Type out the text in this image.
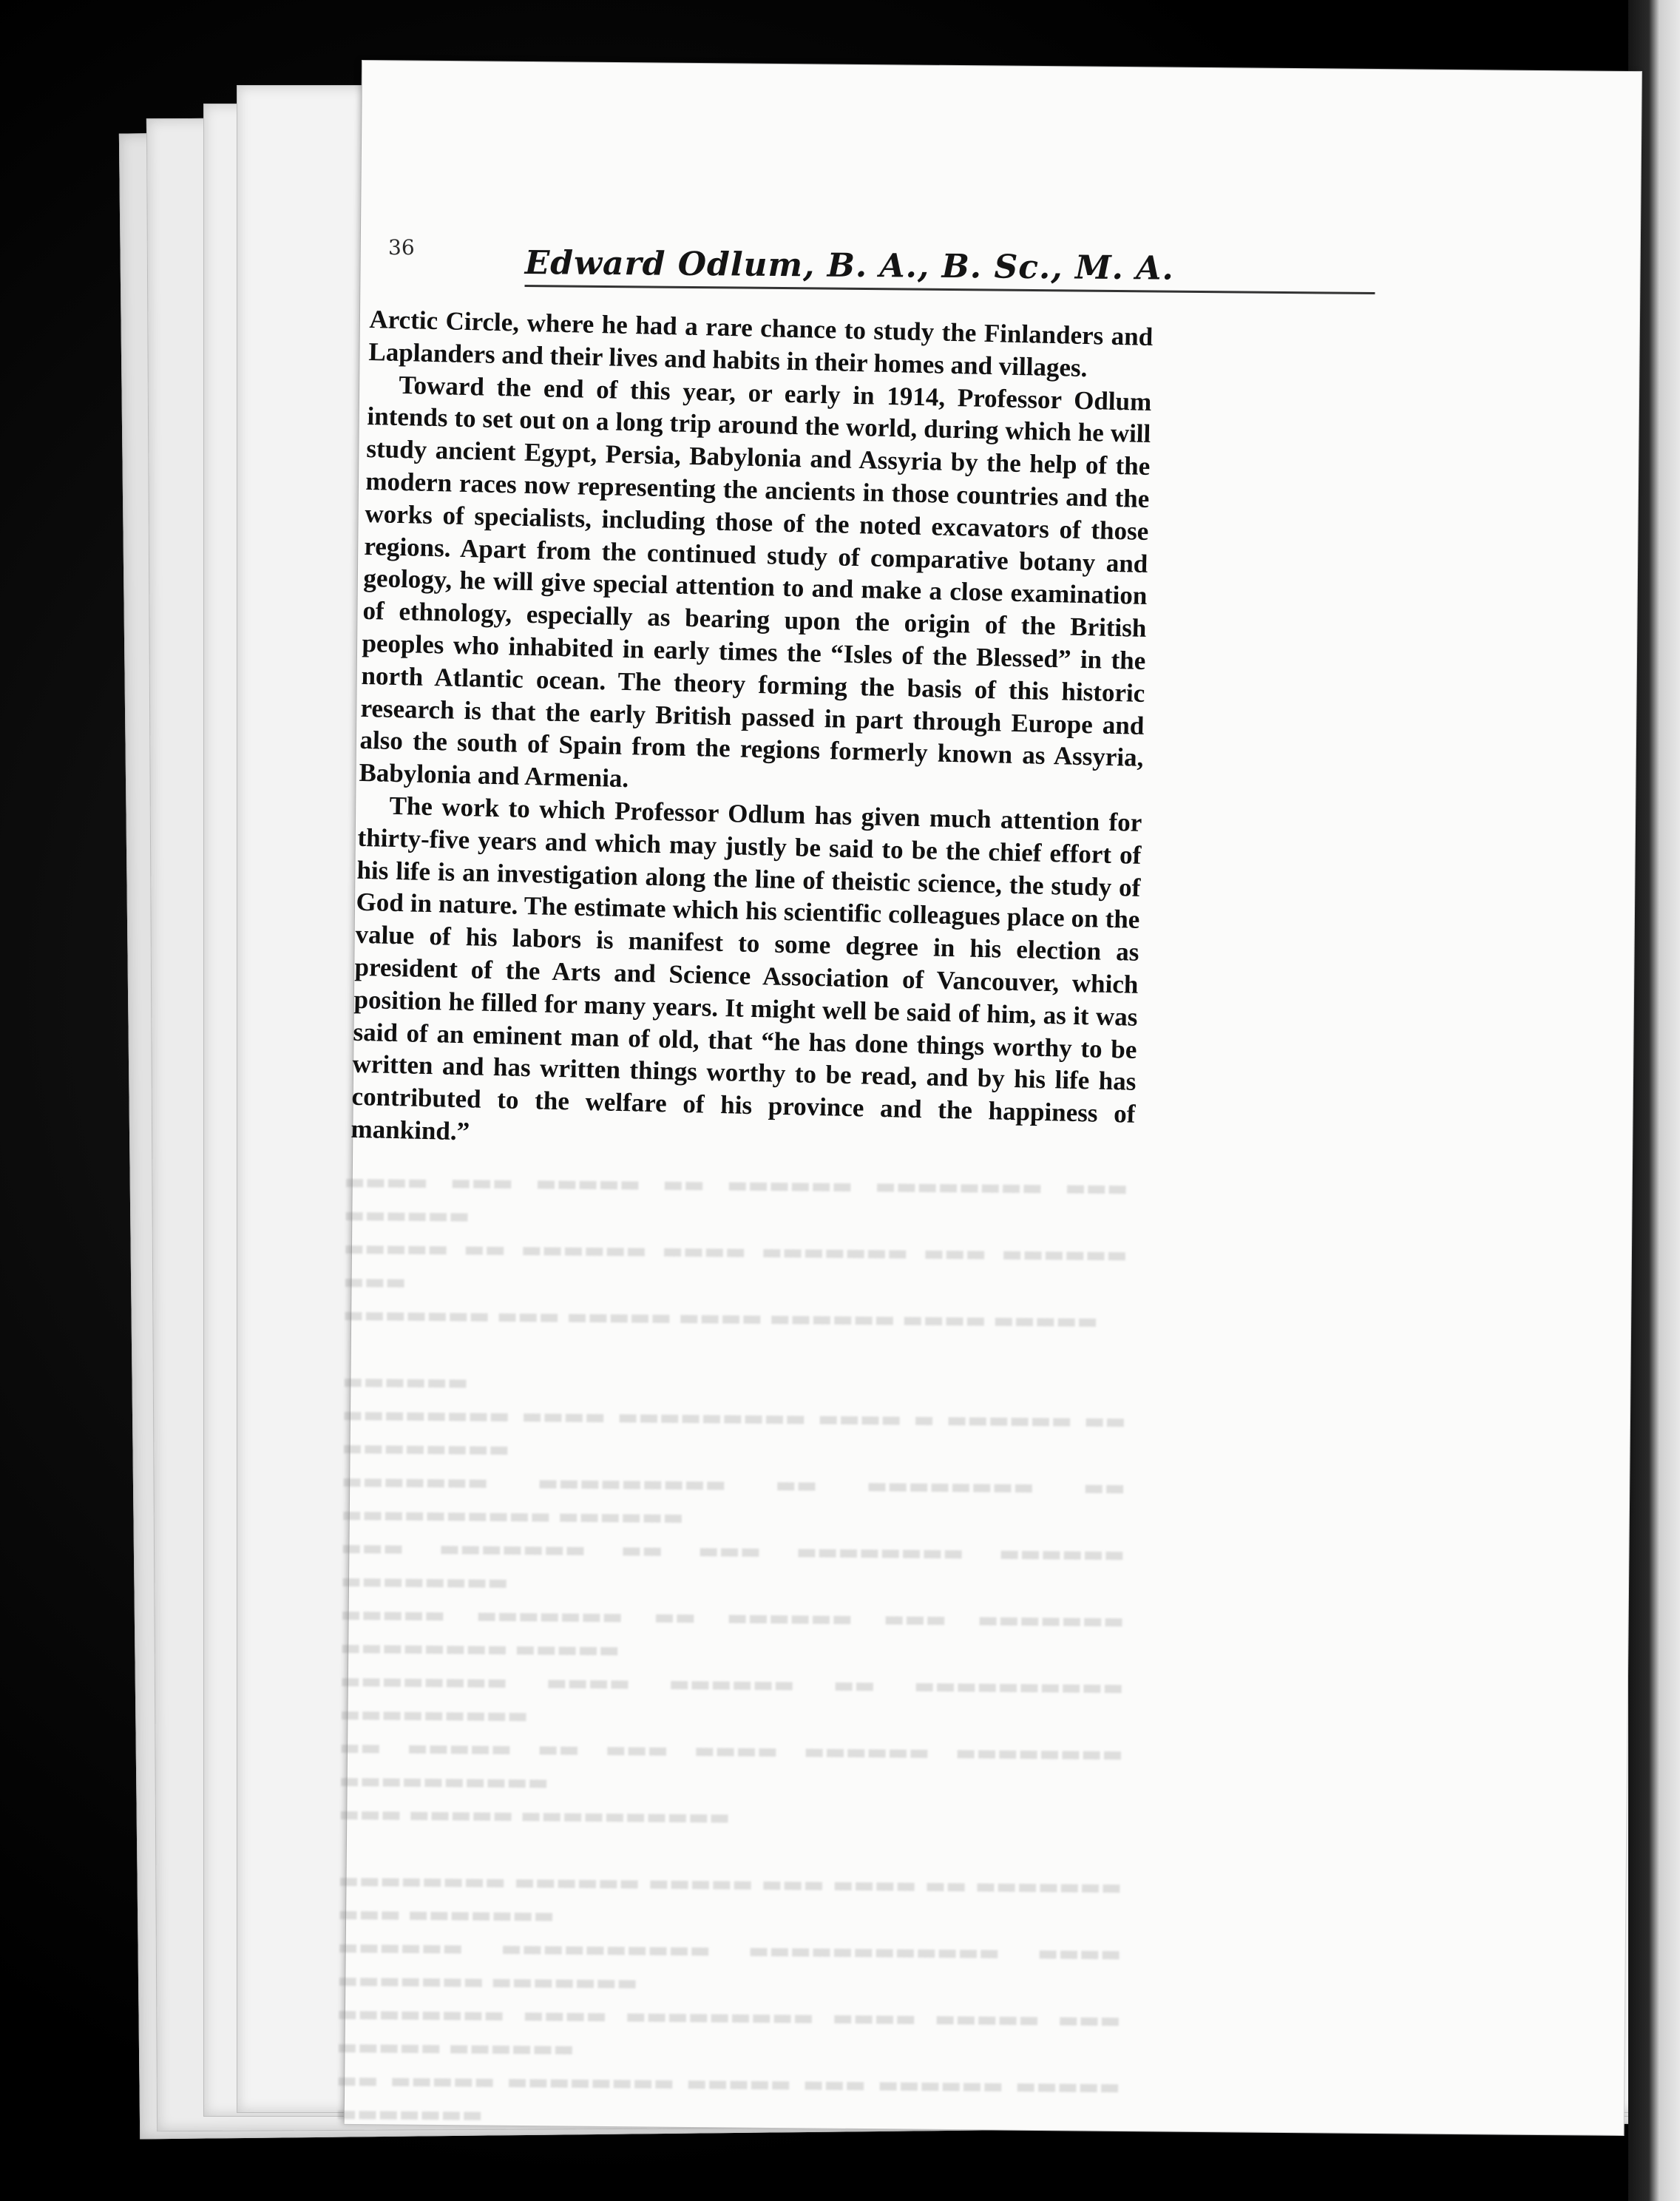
▬▬▬▬ ▬▬▬ ▬▬▬▬▬ ▬▬ ▬▬▬▬▬▬ ▬▬▬▬▬▬▬▬ ▬▬▬ ▬▬▬▬▬▬
▬▬▬▬▬ ▬▬ ▬▬▬▬▬▬ ▬▬▬▬ ▬▬▬▬▬▬▬ ▬▬▬ ▬▬▬▬▬▬ ▬▬▬
▬▬▬▬▬▬▬ ▬▬▬ ▬▬▬▬▬ ▬▬▬▬ ▬▬▬▬▬▬ ▬▬▬▬ ▬▬▬▬▬

▬▬▬▬▬▬
▬▬▬▬▬▬▬▬ ▬▬▬▬ ▬▬▬▬▬▬▬▬▬ ▬▬▬▬ ▬ ▬▬▬▬▬▬ ▬▬ ▬▬▬▬▬▬▬▬
▬▬▬▬▬▬▬ ▬▬▬▬▬▬▬▬▬ ▬▬ ▬▬▬▬▬▬▬▬ ▬▬ ▬▬▬▬▬▬▬▬▬▬ ▬▬▬▬▬▬
▬▬▬ ▬▬▬▬▬▬▬ ▬▬ ▬▬▬ ▬▬▬▬▬▬▬▬ ▬▬▬▬▬▬ ▬▬▬▬▬▬▬▬
▬▬▬▬▬ ▬▬▬▬▬▬▬ ▬▬ ▬▬▬▬▬▬ ▬▬▬ ▬▬▬▬▬▬▬ ▬▬▬▬▬▬▬▬ ▬▬▬▬▬
▬▬▬▬▬▬▬▬ ▬▬▬▬ ▬▬▬▬▬▬ ▬▬ ▬▬▬▬▬▬▬▬▬▬ ▬▬▬▬▬▬▬▬▬
▬▬ ▬▬▬▬▬ ▬▬ ▬▬▬ ▬▬▬▬ ▬▬▬▬▬▬ ▬▬▬▬▬▬▬▬ ▬▬▬▬▬▬▬▬▬▬
▬▬▬ ▬▬▬▬▬ ▬▬▬▬▬▬▬▬▬▬

▬▬▬▬▬▬▬▬ ▬▬▬▬▬▬ ▬▬▬▬▬ ▬▬▬ ▬▬▬▬ ▬▬ ▬▬▬▬▬▬▬ ▬▬▬ ▬▬▬▬▬▬▬
▬▬▬▬▬▬ ▬▬▬▬▬▬▬▬▬▬ ▬▬▬▬▬▬▬▬▬▬▬▬ ▬▬▬▬ ▬▬▬▬▬▬▬ ▬▬▬▬▬▬▬
▬▬▬▬▬▬▬▬ ▬▬▬▬ ▬▬▬▬▬▬▬▬▬ ▬▬▬▬ ▬▬▬▬▬ ▬▬▬ ▬▬▬▬▬ ▬▬▬▬▬▬
▬▬ ▬▬▬▬▬ ▬▬▬▬▬▬▬▬ ▬▬▬▬▬ ▬▬▬ ▬▬▬▬▬▬ ▬▬▬▬▬ ▬▬▬▬▬▬▬
36	Edward Odlum, B. A., B. Sc., M. A.

Arctic Circle, where he had a rare chance to study the Finlanders and Laplanders and their lives and habits in their homes and villages.

Toward the end of this year, or early in 1914, Professor Odlum intends to set out on a long trip around the world, during which he will study ancient Egypt, Persia, Babylonia and Assyria by the help of the modern races now representing the ancients in those countries and the works of specialists, including those of the noted excavators of those regions. Apart from the continued study of comparative botany and geology, he will give special attention to and make a close examination of ethnology, especially as bearing upon the origin of the British peoples who inhabited in early times the “Isles of the Blessed” in the north Atlantic ocean. The theory forming the basis of this historic research is that the early British passed in part through Europe and also the south of Spain from the regions formerly known as Assyria, Babylonia and Armenia.

The work to which Professor Odlum has given much attention for thirty-five years and which may justly be said to be the chief effort of his life is an investigation along the line of theistic science, the study of God in nature. The estimate which his scientific colleagues place on the value of his labors is manifest to some degree in his election as president of the Arts and Science Association of Vancouver, which position he filled for many years. It might well be said of him, as it was said of an eminent man of old, that “he has done things worthy to be written and has written things worthy to be read, and by his life has contributed to the welfare of his province and the happiness of mankind.”
